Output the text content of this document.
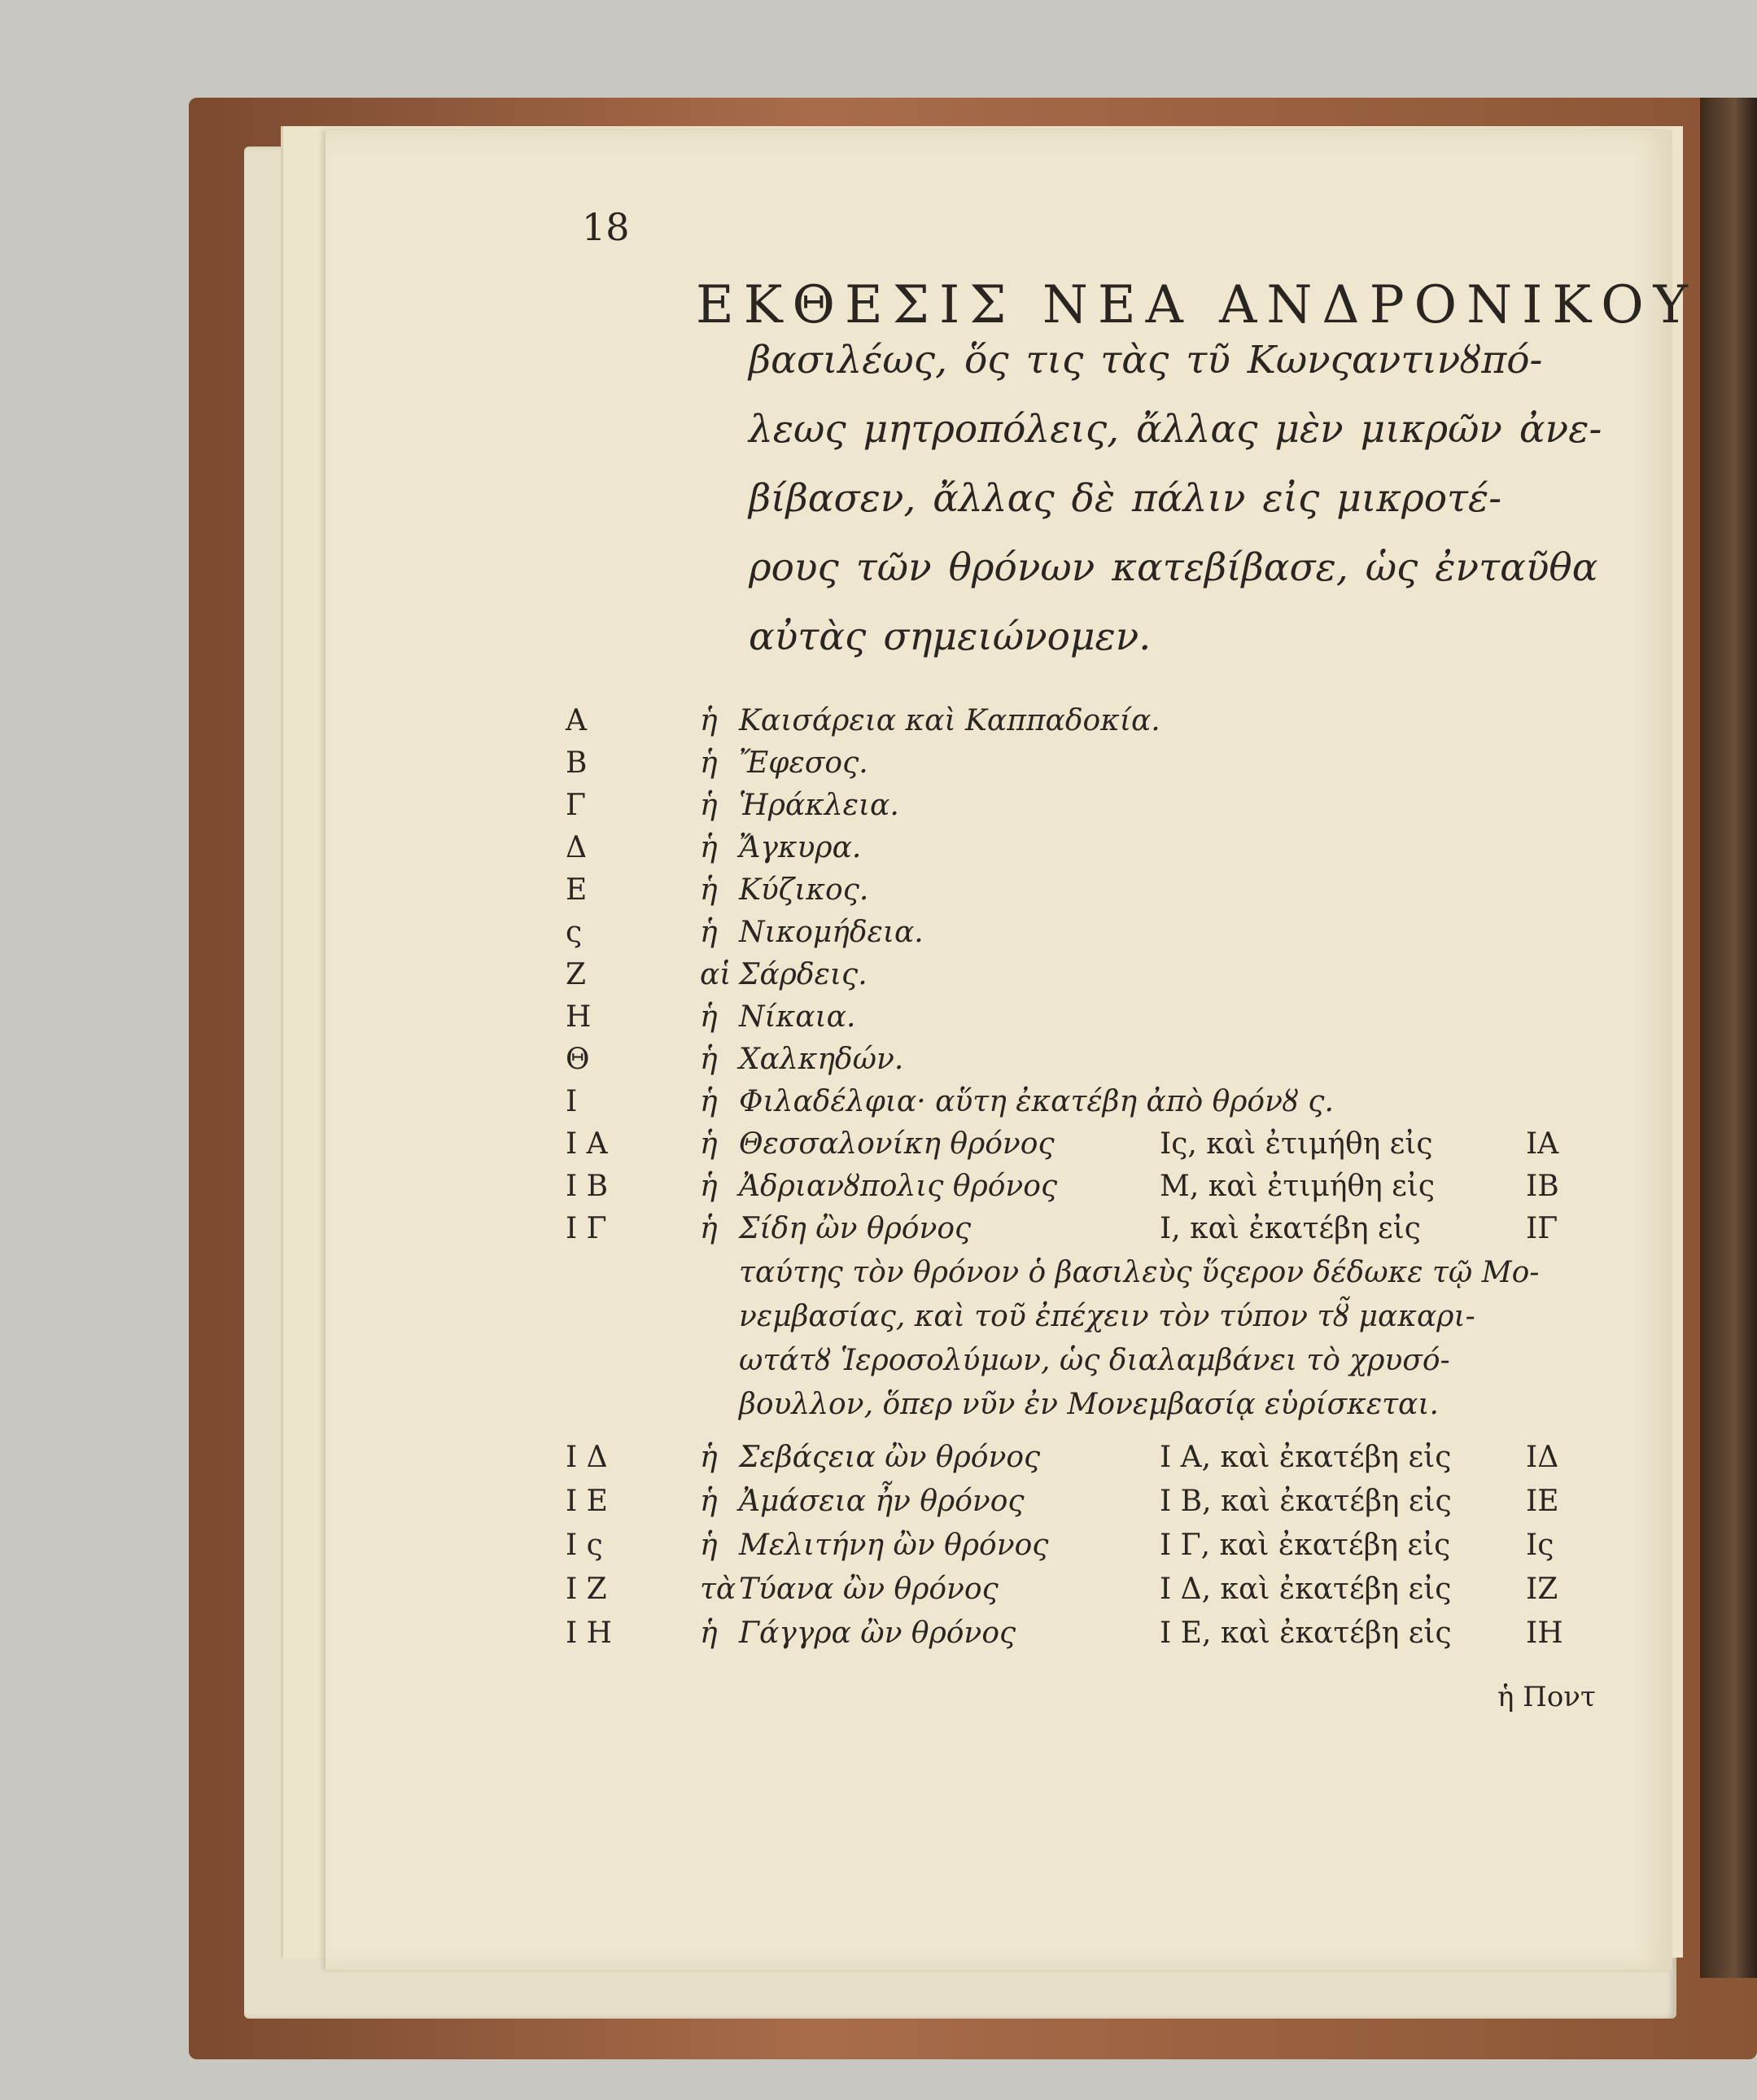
18
ΕΚΘΕΣΙΣ ΝΕΑ ΑΝΔΡΟΝΙΚΟΥ
βασιλέως, ὅς τις τὰς τῦ Κωνςαντινȣπό-
λεως μητροπόλεις, ἄλλας μὲν μικρῶν ἀνε-
βίβασεν, ἄλλας δὲ πάλιν εἰς μικροτέ-
ρους τῶν θρόνων κατεβίβασε, ὡς ἐνταῦθα
αὐτὰς σημειώνομεν.
Α	ἡ Καισάρεια καὶ Καππαδοκία.
Β	ἡ Ἔφεσος.
Γ	ἡ Ἡράκλεια.
Δ	ἡ Ἄγκυρα.
Ε	ἡ Κύζικος.
ς	ἡ Νικομήδεια.
Ζ	αἱ Σάρδεις.
Η	ἡ Νίκαια.
Θ	ἡ Χαλκηδών.
Ι	ἡ Φιλαδέλφια· αὕτη ἐκατέβη ἀπὸ θρόνȣ ς.
Ι Α	ἡ Θεσσαλονίκη θρόνος	Ις, καὶ ἐτιμήθη εἰς	ΙΑ
Ι Β	ἡ Ἀδριανȣπολις θρόνος	Μ, καὶ ἐτιμήθη εἰς	ΙΒ
Ι Γ	ἡ Σίδη ὢν θρόνος	Ι, καὶ ἐκατέβη εἰς	ΙΓ
ταύτης τὸν θρόνον ὁ βασιλεὺς ὕςερον δέδωκε τῷ Μο-
νεμβασίας, καὶ τοῦ ἐπέχειν τὸν τύπον τȣ̃ μακαρι-
ωτάτȣ Ἱεροσολύμων, ὡς διαλαμβάνει τὸ χρυσό-
βουλλον, ὅπερ νῦν ἐν Μονεμβασίᾳ εὑρίσκεται.
Ι Δ	ἡ Σεβάςεια ὢν θρόνος	Ι Α, καὶ ἐκατέβη εἰς	ΙΔ
Ι Ε	ἡ Ἀμάσεια ἦν θρόνος	Ι Β, καὶ ἐκατέβη εἰς	ΙΕ
Ι ς	ἡ Μελιτήνη ὢν θρόνος	Ι Γ, καὶ ἐκατέβη εἰς	Ις
Ι Ζ	τὰ Τύανα ὢν θρόνος	Ι Δ, καὶ ἐκατέβη εἰς	ΙΖ
Ι Η	ἡ Γάγγρα ὢν θρόνος	Ι Ε, καὶ ἐκατέβη εἰς	ΙΗ
ἡ Ποντ
